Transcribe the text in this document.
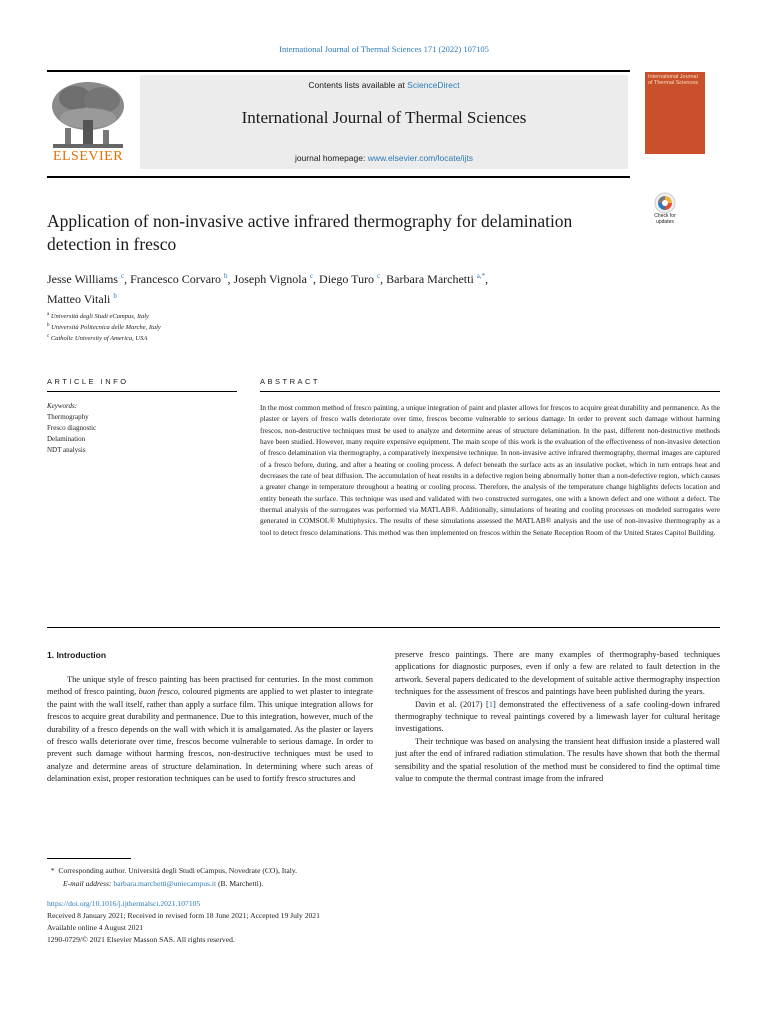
International Journal of Thermal Sciences 171 (2022) 107105
ELSEVIER
Contents lists available at ScienceDirect
International Journal of Thermal Sciences
journal homepage: www.elsevier.com/locate/ijts
International Journal of Thermal Sciences
Application of non-invasive active infrared thermography for delamination
detection in fresco
Check for updates
Jesse Williams $^c$, Francesco Corvaro $^b$, Joseph Vignola $^c$, Diego Turo $^c$, Barbara Marchetti $^{a,*}$,
Matteo Vitali $^b$
$^a$ Università degli Studi eCampus, Italy
$^b$ Università Politecnica delle Marche, Italy
$^c$ Catholic University of America, USA
ARTICLE INFO	ABSTRACT
Keywords:
Thermography
Fresco diagnostic
Delamination
NDT analysis
In the most common method of fresco painting, a unique integration of paint and plaster allows for frescos to acquire great durability and permanence. As the plaster or layers of fresco walls deteriorate over time, frescos become vulnerable to serious damage. In order to prevent such damage without harming frescos, non-destructive techniques must be used to analyze and determine areas of structure delamination. In the past, different non-destructive methods have been studied. However, many require expensive equipment. The main scope of this work is the evaluation of the effectiveness of non-invasive detection of fresco delamination via thermography, a comparatively inexpensive technique. In non-invasive active infrared thermography, thermal images are captured of a fresco before, during, and after a heating or cooling process. A defect beneath the surface acts as an insulative pocket, which in turn entraps heat and decreases the rate of heat diffusion. The accumulation of heat results in a defective region being abnormally hotter than a non-defective region, which causes a greater change in temperature throughout a heating or cooling process. Therefore, the analysis of the temperature change highlights defects location and entity beneath the surface. This technique was used and validated with two constructed surrogates, one with a known defect and one without a defect. The thermal analysis of the surrogates was performed via MATLAB®. Additionally, simulations of heating and cooling processes on modeled surrogates were generated in COMSOL® Multiphysics. The results of these simulations assessed the MATLAB® analysis and the use of non-invasive thermography as a tool to detect fresco delaminations. This method was then implemented on frescos within the Senate Reception Room of the United States Capitol Building.
1. Introduction

The unique style of fresco painting has been practised for centuries. In the most common method of fresco painting, buon fresco, coloured pigments are applied to wet plaster to integrate the paint with the wall itself, rather than apply a surface film. This unique integration allows for frescos to acquire great durability and permanence. Due to this integration, however, much of the durability of a fresco depends on the wall with which it is amalgamated. As the plaster or layers of fresco walls deteriorate over time, frescos become vulnerable to serious damage. In order to prevent such damage without harming frescos, non-destructive techniques must be used to analyze and determine areas of structure delamination. In determining where such areas of delamination exist, proper restoration techniques can be used to fortify fresco structures and

preserve fresco paintings. There are many examples of thermography-based techniques applications for diagnostic purposes, even if only a few are related to fault detection in the artwork. Several papers dedicated to the development of suitable active thermography inspection techniques for the assessment of frescos and paintings have been published during the years.

Davin et al. (2017) [1] demonstrated the effectiveness of a safe cooling-down infrared thermography technique to reveal paintings covered by a limewash layer for cultural heritage investigations.

Their technique was based on analysing the transient heat diffusion inside a plastered wall just after the end of infrared radiation stimulation. The results have shown that both the thermal sensibility and the spatial resolution of the method must be considered to find the optimal time value to compute the thermal contrast image from the infrared

*  Corresponding author. Università degli Studi eCampus, Novedrate (CO), Italy.
E-mail address: barbara.marchetti@uniecampus.it (B. Marchetti).
https://doi.org/10.1016/j.ijthermalsci.2021.107105
Received 8 January 2021; Received in revised form 18 June 2021; Accepted 19 July 2021
Available online 4 August 2021
1290-0729/© 2021 Elsevier Masson SAS. All rights reserved.
